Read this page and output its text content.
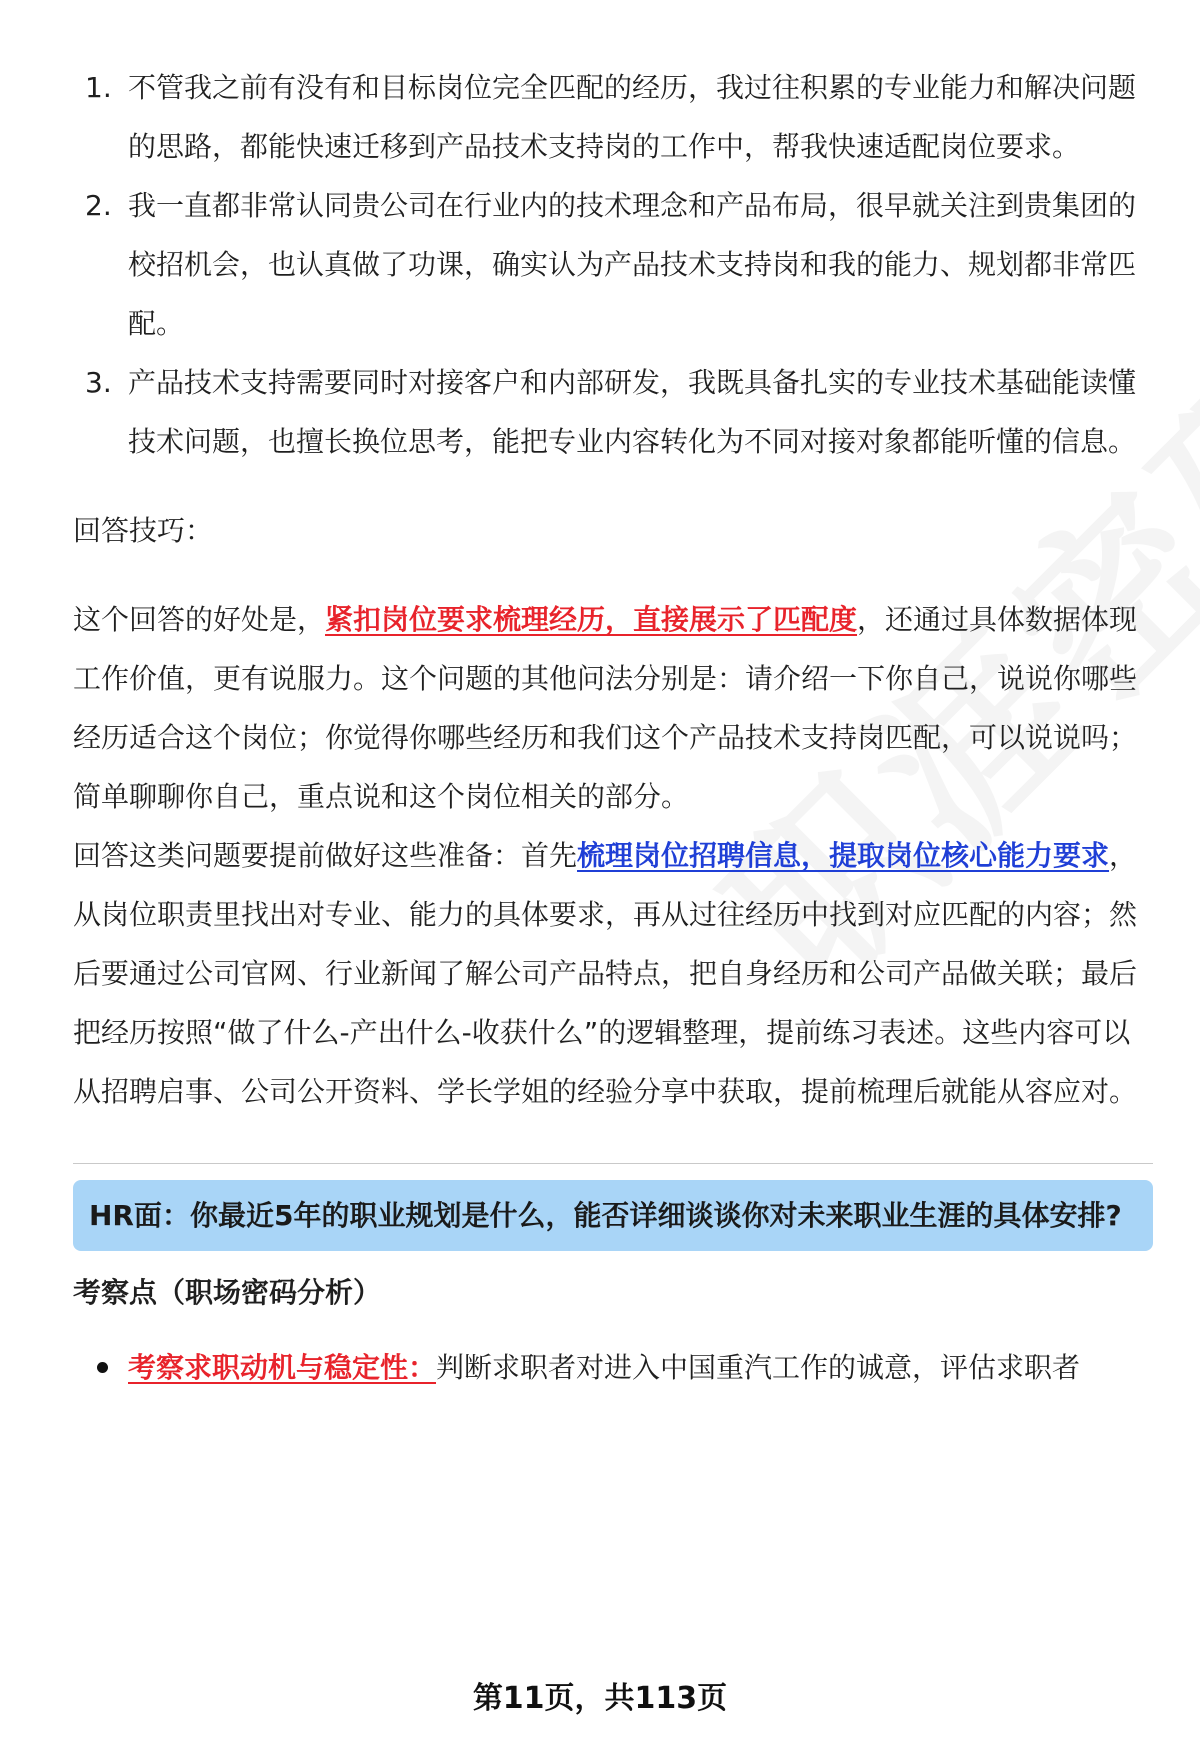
1. 不管我之前有没有和目标岗位完全匹配的经历，我过往积累的专业能力和解决问题的思路，都能快速迁移到产品技术支持岗的工作中，帮我快速适配岗位要求。
2. 我一直都非常认同贵公司在行业内的技术理念和产品布局，很早就关注到贵集团的校招机会，也认真做了功课，确实认为产品技术支持岗和我的能力、规划都非常匹配。
3. 产品技术支持需要同时对接客户和内部研发，我既具备扎实的专业技术基础能读懂技术问题，也擅长换位思考，能把专业内容转化为不同对接对象都能听懂的信息。

回答技巧：

这个回答的好处是，紧扣岗位要求梳理经历，直接展示了匹配度，还通过具体数据体现工作价值，更有说服力。这个问题的其他问法分别是：请介绍一下你自己，说说你哪些经历适合这个岗位；你觉得你哪些经历和我们这个产品技术支持岗匹配，可以说说吗；简单聊聊你自己，重点说和这个岗位相关的部分。

回答这类问题要提前做好这些准备：首先梳理岗位招聘信息，提取岗位核心能力要求，从岗位职责里找出对专业、能力的具体要求，再从过往经历中找到对应匹配的内容；然后要通过公司官网、行业新闻了解公司产品特点，把自身经历和公司产品做关联；最后把经历按照“做了什么-产出什么-收获什么”的逻辑整理，提前练习表述。这些内容可以从招聘启事、公司公开资料、学长学姐的经验分享中获取，提前梳理后就能从容应对。

HR面：你最近5年的职业规划是什么，能否详细谈谈你对未来职业生涯的具体安排?
考察点（职场密码分析）
考察求职动机与稳定性：判断求职者对进入中国重汽工作的诚意，评估求职者
第11页，共113页
